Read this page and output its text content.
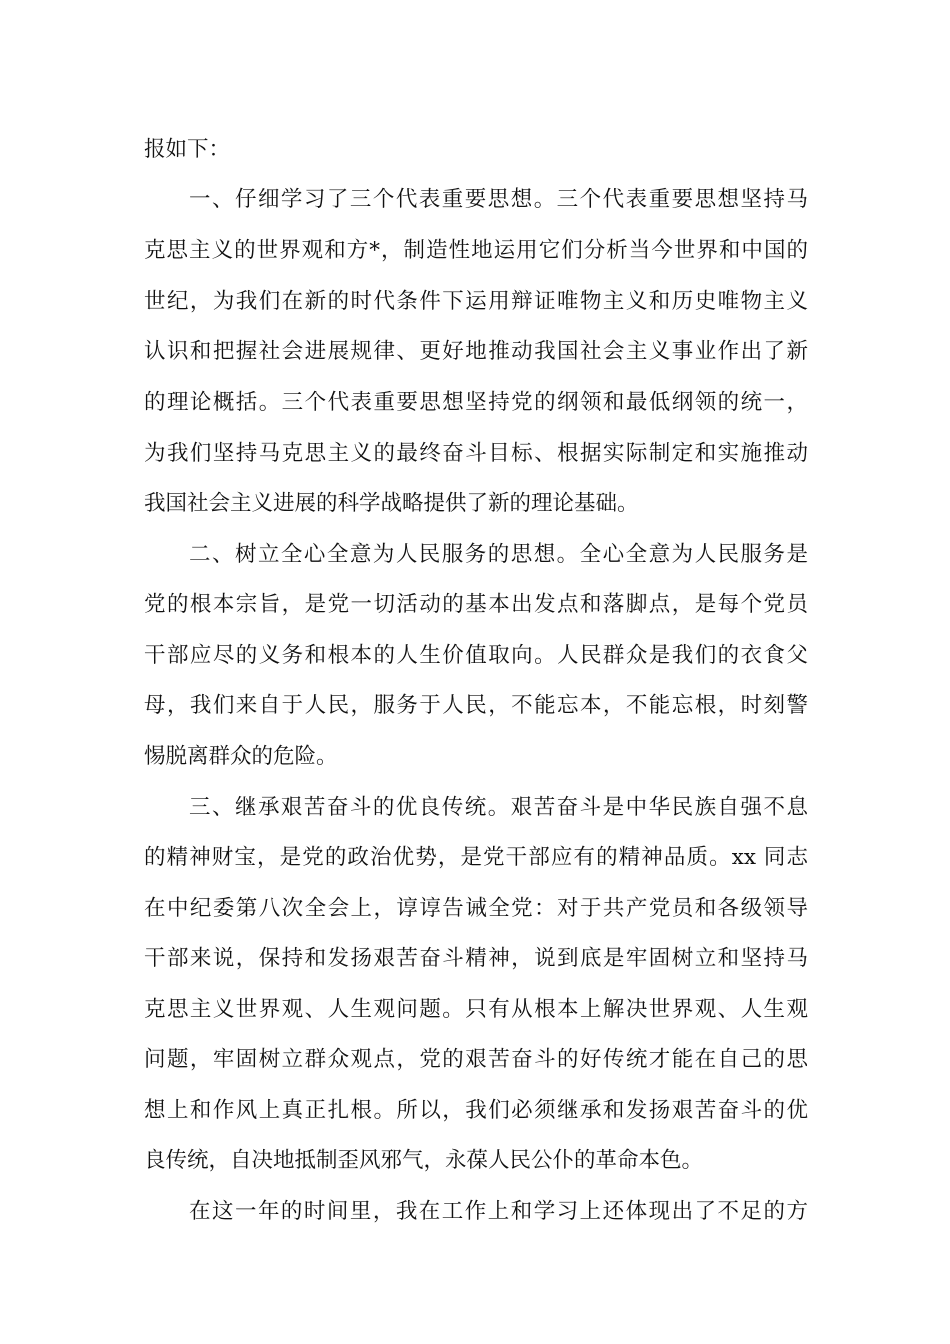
报如下：
一、仔细学习了三个代表重要思想。三个代表重要思想坚持马
克思主义的世界观和方*，制造性地运用它们分析当今世界和中国的
世纪，为我们在新的时代条件下运用辩证唯物主义和历史唯物主义
认识和把握社会进展规律、更好地推动我国社会主义事业作出了新
的理论概括。三个代表重要思想坚持党的纲领和最低纲领的统一，
为我们坚持马克思主义的最终奋斗目标、根据实际制定和实施推动
我国社会主义进展的科学战略提供了新的理论基础。
二、树立全心全意为人民服务的思想。全心全意为人民服务是
党的根本宗旨，是党一切活动的基本出发点和落脚点，是每个党员
干部应尽的义务和根本的人生价值取向。人民群众是我们的衣食父
母，我们来自于人民，服务于人民，不能忘本，不能忘根，时刻警
惕脱离群众的危险。
三、继承艰苦奋斗的优良传统。艰苦奋斗是中华民族自强不息
的精神财宝，是党的政治优势，是党干部应有的精神品质。xx 同志
在中纪委第八次全会上，谆谆告诫全党：对于共产党员和各级领导
干部来说，保持和发扬艰苦奋斗精神，说到底是牢固树立和坚持马
克思主义世界观、人生观问题。只有从根本上解决世界观、人生观
问题，牢固树立群众观点，党的艰苦奋斗的好传统才能在自己的思
想上和作风上真正扎根。所以，我们必须继承和发扬艰苦奋斗的优
良传统，自决地抵制歪风邪气，永葆人民公仆的革命本色。
在这一年的时间里，我在工作上和学习上还体现出了不足的方
